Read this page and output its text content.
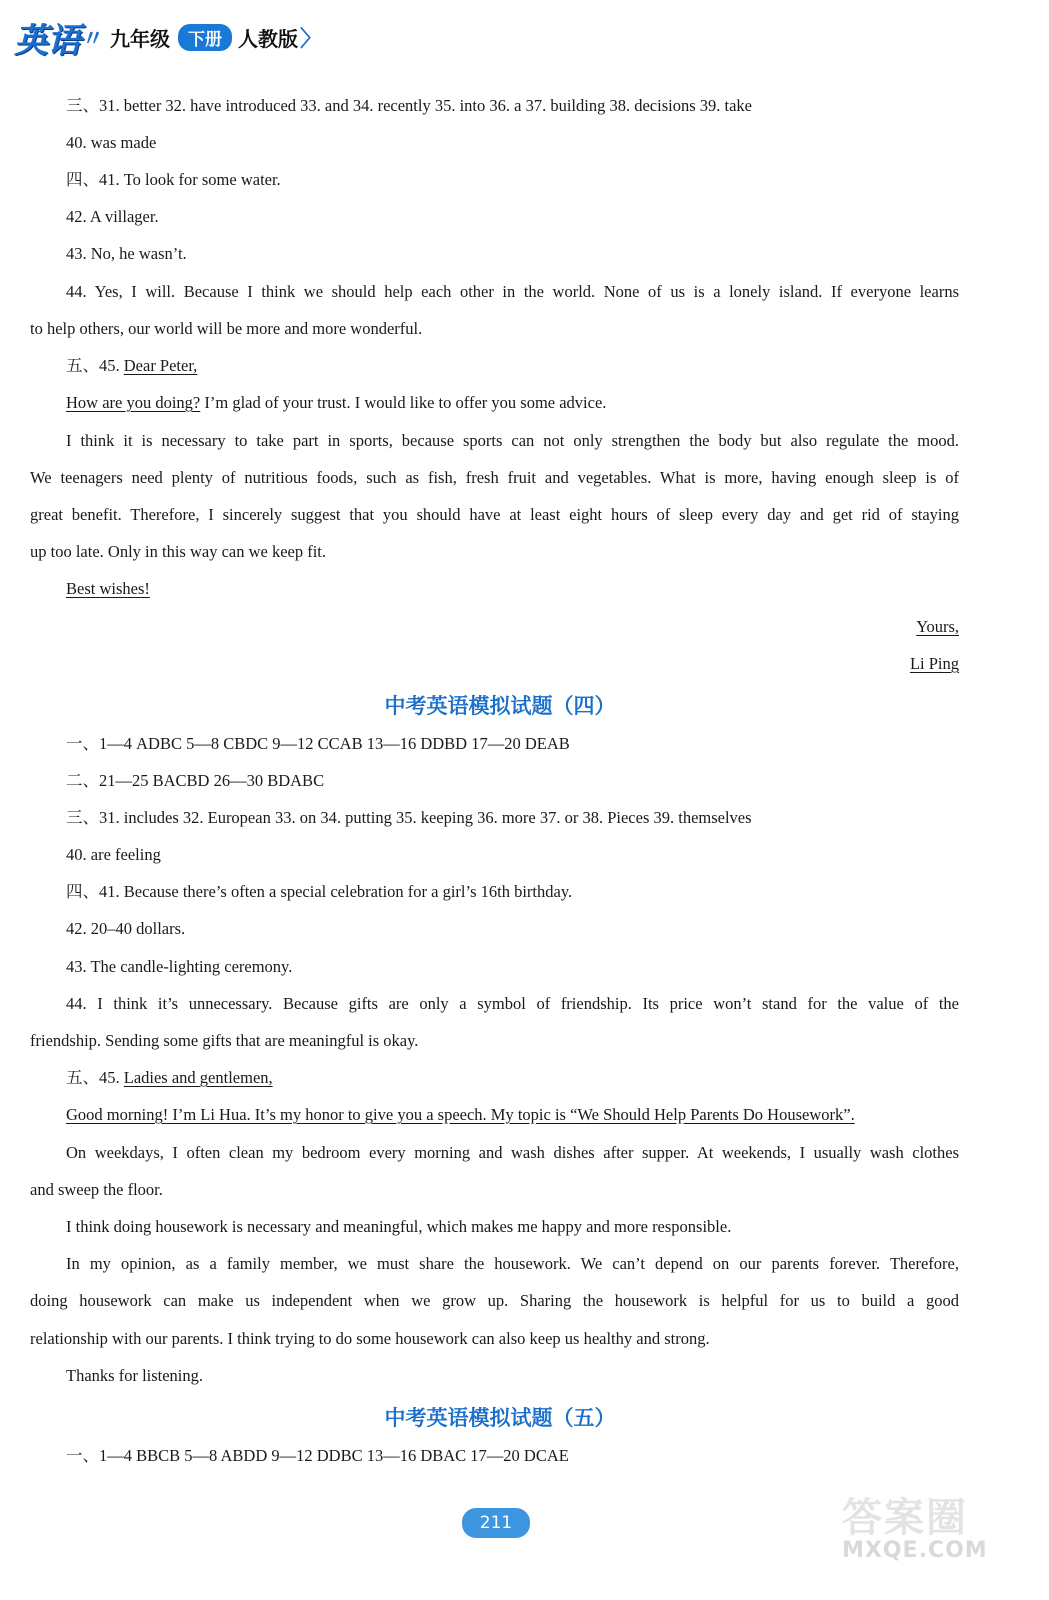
英语 〃 九年级	下册 人教版 〉
三、31. better 32. have introduced 33. and 34. recently 35. into 36. a 37. building 38. decisions 39. take
40. was made
四、41. To look for some water.
42. A villager.
43. No, he wasn’t.
44. Yes, I will. Because I think we should help each other in the world. None of us is a lonely island. If everyone learns
to help others, our world will be more and more wonderful.
五、45. Dear Peter,
How are you doing? I’m glad of your trust. I would like to offer you some advice.
I think it is necessary to take part in sports, because sports can not only strengthen the body but also regulate the mood.
We teenagers need plenty of nutritious foods, such as fish, fresh fruit and vegetables. What is more, having enough sleep is of
great benefit. Therefore, I sincerely suggest that you should have at least eight hours of sleep every day and get rid of staying
up too late. Only in this way can we keep fit.
Best wishes!
Yours,
Li Ping
中考英语模拟试题（四）
一、1—4 ADBC 5—8 CBDC 9—12 CCAB 13—16 DDBD 17—20 DEAB
二、21—25 BACBD 26—30 BDABC
三、31. includes 32. European 33. on 34. putting 35. keeping 36. more 37. or 38. Pieces 39. themselves
40. are feeling
四、41. Because there’s often a special celebration for a girl’s 16th birthday.
42. 20–40 dollars.
43. The candle-lighting ceremony.
44. I think it’s unnecessary. Because gifts are only a symbol of friendship. Its price won’t stand for the value of the
friendship. Sending some gifts that are meaningful is okay.
五、45. Ladies and gentlemen,
Good morning! I’m Li Hua. It’s my honor to give you a speech. My topic is “We Should Help Parents Do Housework”.
On weekdays, I often clean my bedroom every morning and wash dishes after supper. At weekends, I usually wash clothes
and sweep the floor.
I think doing housework is necessary and meaningful, which makes me happy and more responsible.
In my opinion, as a family member, we must share the housework. We can’t depend on our parents forever. Therefore,
doing housework can make us independent when we grow up. Sharing the housework is helpful for us to build a good
relationship with our parents. I think trying to do some housework can also keep us healthy and strong.
Thanks for listening.
中考英语模拟试题（五）
一、1—4 BBCB 5—8 ABDD 9—12 DDBC 13—16 DBAC 17—20 DCAE
211	答案圈
MXQE.COM
